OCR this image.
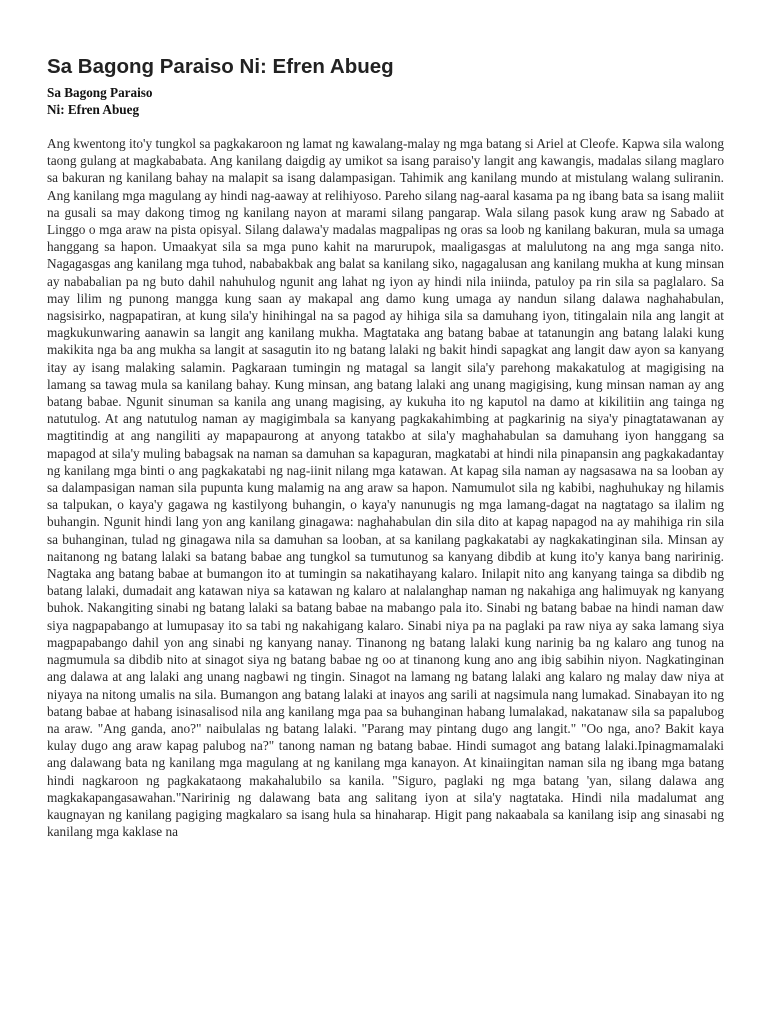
Sa Bagong Paraiso Ni: Efren Abueg

Sa Bagong Paraiso

Ni: Efren Abueg

Ang kwentong ito'y tungkol sa pagkakaroon ng lamat ng kawalang-malay ng mga batang si Ariel at Cleofe. Kapwa sila walong taong gulang at magkababata. Ang kanilang daigdig ay umikot sa isang paraiso'y langit ang kawangis, madalas silang maglaro sa bakuran ng kanilang bahay na malapit sa isang dalampasigan. Tahimik ang kanilang mundo at mistulang walang suliranin. Ang kanilang mga magulang ay hindi nag-aaway at relihiyoso. Pareho silang nag-aaral kasama pa ng ibang bata sa isang maliit na gusali sa may dakong timog ng kanilang nayon at marami silang pangarap. Wala silang pasok kung araw ng Sabado at Linggo o mga araw na pista opisyal. Silang dalawa'y madalas magpalipas ng oras sa loob ng kanilang bakuran, mula sa umaga hanggang sa hapon. Umaakyat sila sa mga puno kahit na marurupok, maaligasgas at malulutong na ang mga sanga nito. Nagagasgas ang kanilang mga tuhod, nababakbak ang balat sa kanilang siko, nagagalusan ang kanilang mukha at kung minsan ay nababalian pa ng buto dahil nahuhulog ngunit ang lahat ng iyon ay hindi nila iniinda, patuloy pa rin sila sa paglalaro. Sa may lilim ng punong mangga kung saan ay makapal ang damo kung umaga ay nandun silang dalawa naghahabulan, nagsisirko, nagpapatiran, at kung sila'y hinihingal na sa pagod ay hihiga sila sa damuhang iyon, titingalain nila ang langit at magkukunwaring aanawin sa langit ang kanilang mukha. Magtataka ang batang babae at tatanungin ang batang lalaki kung makikita nga ba ang mukha sa langit at sasagutin ito ng batang lalaki ng bakit hindi sapagkat ang langit daw ayon sa kanyang itay ay isang malaking salamin. Pagkaraan tumingin ng matagal sa langit sila'y parehong makakatulog at magigising na lamang sa tawag mula sa kanilang bahay. Kung minsan, ang batang lalaki ang unang magigising, kung minsan naman ay ang batang babae. Ngunit sinuman sa kanila ang unang magising, ay kukuha ito ng kaputol na damo at kikilitiin ang tainga ng natutulog. At ang natutulog naman ay magigimbala sa kanyang pagkakahimbing at pagkarinig na siya'y pinagtatawanan ay magtitindig at ang nangiliti ay mapapaurong at anyong tatakbo at sila'y maghahabulan sa damuhang iyon hanggang sa mapagod at sila'y muling babagsak na naman sa damuhan sa kapaguran, magkatabi at hindi nila pinapansin ang pagkakadantay ng kanilang mga binti o ang pagkakatabi ng nag-iinit nilang mga katawan. At kapag sila naman ay nagsasawa na sa looban ay sa dalampasigan naman sila pupunta kung malamig na ang araw sa hapon. Namumulot sila ng kabibi, naghuhukay ng hilamis sa talpukan, o kaya'y gagawa ng kastilyong buhangin, o kaya'y nanunugis ng mga lamang-dagat na nagtatago sa ilalim ng buhangin. Ngunit hindi lang yon ang kanilang ginagawa: naghahabulan din sila dito at kapag napagod na ay mahihiga rin sila sa buhanginan, tulad ng ginagawa nila sa damuhan sa looban, at sa kanilang pagkakatabi ay nagkakatinginan sila. Minsan ay naitanong ng batang lalaki sa batang babae ang tungkol sa tumutunog sa kanyang dibdib at kung ito'y kanya bang naririnig. Nagtaka ang batang babae at bumangon ito at tumingin sa nakatihayang kalaro. Inilapit nito ang kanyang tainga sa dibdib ng batang lalaki, dumadait ang katawan niya sa katawan ng kalaro at nalalanghap naman ng nakahiga ang halimuyak ng kanyang buhok. Nakangiting sinabi ng batang lalaki sa batang babae na mabango pala ito. Sinabi ng batang babae na hindi naman daw siya nagpapabango at lumupasay ito sa tabi ng nakahigang kalaro. Sinabi niya pa na paglaki pa raw niya ay saka lamang siya magpapabango dahil yon ang sinabi ng kanyang nanay. Tinanong ng batang lalaki kung narinig ba ng kalaro ang tunog na nagmumula sa dibdib nito at sinagot siya ng batang babae ng oo at tinanong kung ano ang ibig sabihin niyon. Nagkatinginan ang dalawa at ang lalaki ang unang nagbawi ng tingin. Sinagot na lamang ng batang lalaki ang kalaro ng malay daw niya at niyaya na nitong umalis na sila. Bumangon ang batang lalaki at inayos ang sarili at nagsimula nang lumakad. Sinabayan ito ng batang babae at habang isinasalisod nila ang kanilang mga paa sa buhanginan habang lumalakad, nakatanaw sila sa papalubog na araw. "Ang ganda, ano?" naibulalas ng batang lalaki. "Parang may pintang dugo ang langit." "Oo nga, ano? Bakit kaya kulay dugo ang araw kapag palubog na?" tanong naman ng batang babae. Hindi sumagot ang batang lalaki.Ipinagmamalaki ang dalawang bata ng kanilang mga magulang at ng kanilang mga kanayon. At kinaiingitan naman sila ng ibang mga batang hindi nagkaroon ng pagkakataong makahalubilo sa kanila. "Siguro, paglaki ng mga batang 'yan, silang dalawa ang magkakapangasawahan."Naririnig ng dalawang bata ang salitang iyon at sila'y nagtataka. Hindi nila madalumat ang kaugnayan ng kanilang pagiging magkalaro sa isang hula sa hinaharap. Higit pang nakaabala sa kanilang isip ang sinasabi ng kanilang mga kaklase na
